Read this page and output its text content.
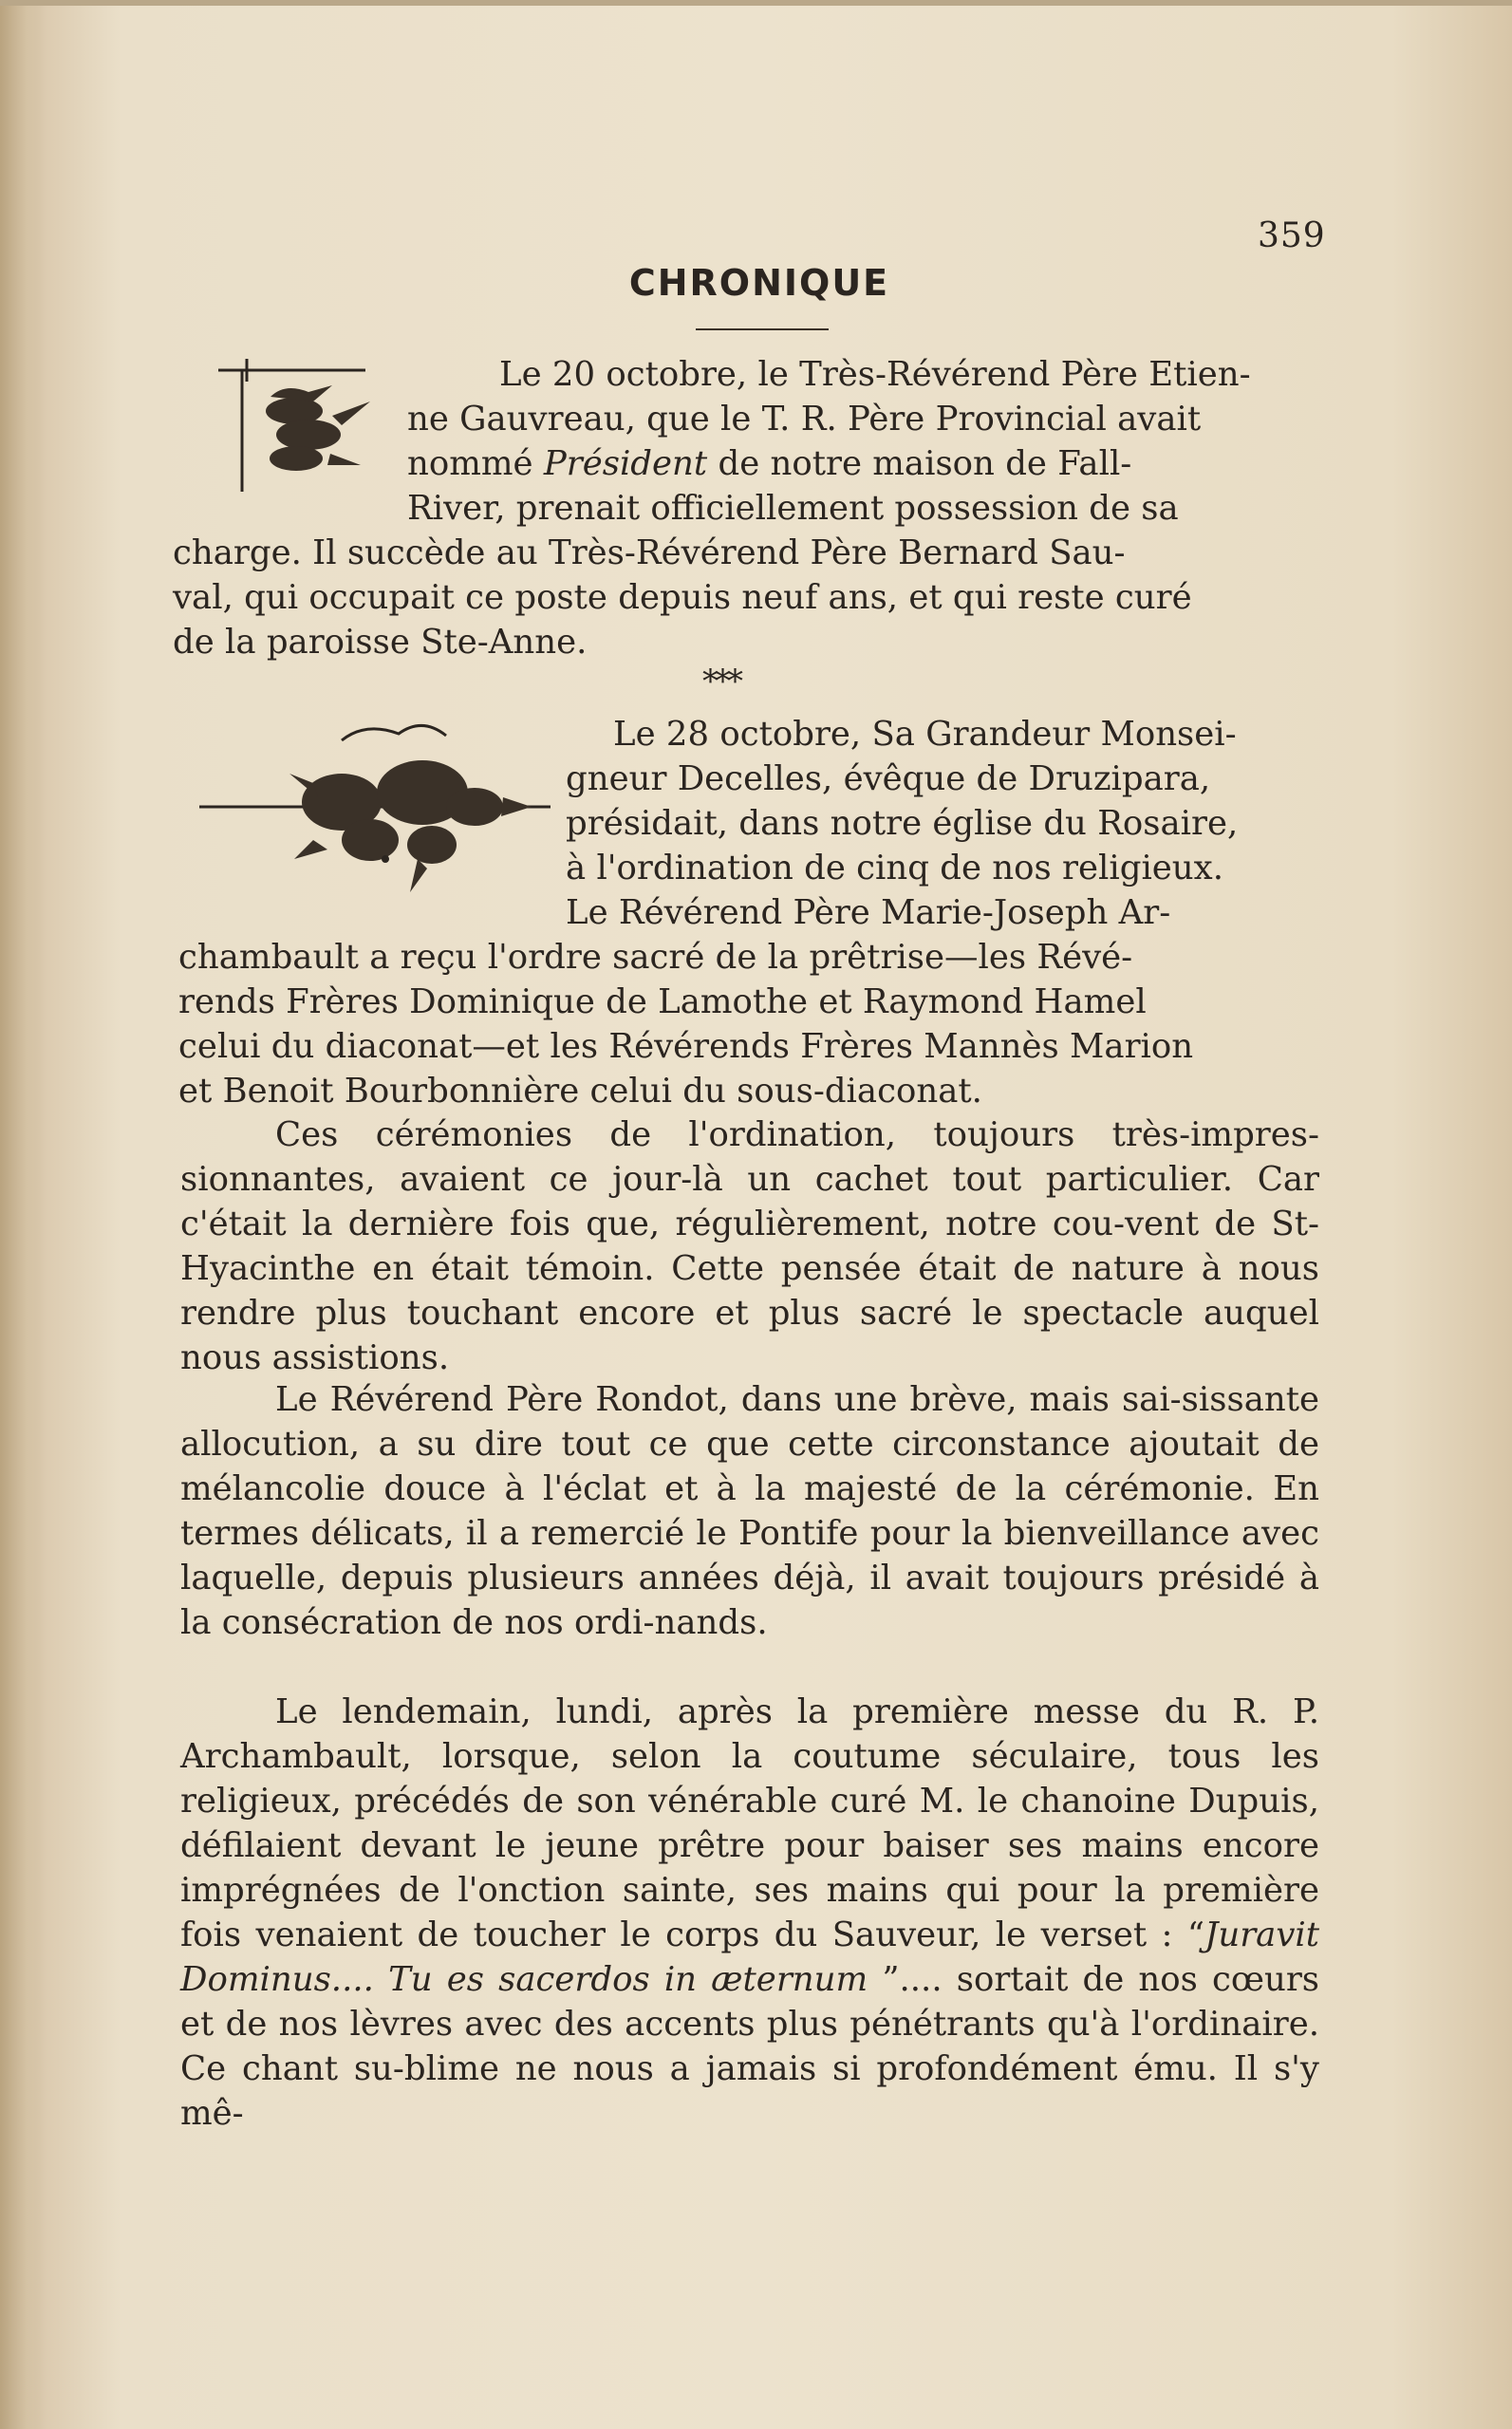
359
CHRONIQUE

Le 20 octobre, le Très-Révérend Père Etien-
ne Gauvreau, que le T. R. Père Provincial avait
nommé Président de notre maison de Fall-
River, prenait officiellement possession de sa
charge. Il succède au Très-Révérend Père Bernard Sau-
val, qui occupait ce poste depuis neuf ans, et qui reste curé
de la paroisse Ste-Anne.

***

Le 28 octobre, Sa Grandeur Monsei-
gneur Decelles, évêque de Druzipara,
présidait, dans notre église du Rosaire,
à l'ordination de cinq de nos religieux.
Le Révérend Père Marie-Joseph Ar-
chambault a reçu l'ordre sacré de la prêtrise—les Révé-
rends Frères Dominique de Lamothe et Raymond Hamel
celui du diaconat—et les Révérends Frères Mannès Marion
et Benoit Bourbonnière celui du sous-diaconat.

Ces cérémonies de l'ordination, toujours très-impres-sionnantes, avaient ce jour-là un cachet tout particulier. Car c'était la dernière fois que, régulièrement, notre cou-vent de St-Hyacinthe en était témoin. Cette pensée était de nature à nous rendre plus touchant encore et plus sacré le spectacle auquel nous assistions.

Le Révérend Père Rondot, dans une brève, mais sai-sissante allocution, a su dire tout ce que cette circonstance ajoutait de mélancolie douce à l'éclat et à la majesté de la cérémonie. En termes délicats, il a remercié le Pontife pour la bienveillance avec laquelle, depuis plusieurs années déjà, il avait toujours présidé à la consécration de nos ordi-nands.

Le lendemain, lundi, après la première messe du R. P. Archambault, lorsque, selon la coutume séculaire, tous les religieux, précédés de son vénérable curé M. le chanoine Dupuis, défilaient devant le jeune prêtre pour baiser ses mains encore imprégnées de l'onction sainte, ses mains qui pour la première fois venaient de toucher le corps du Sauveur, le verset : “Juravit Dominus.... Tu es sacerdos in æternum ”.... sortait de nos cœurs et de nos lèvres avec des accents plus pénétrants qu'à l'ordinaire. Ce chant su-blime ne nous a jamais si profondément ému. Il s'y mê-
